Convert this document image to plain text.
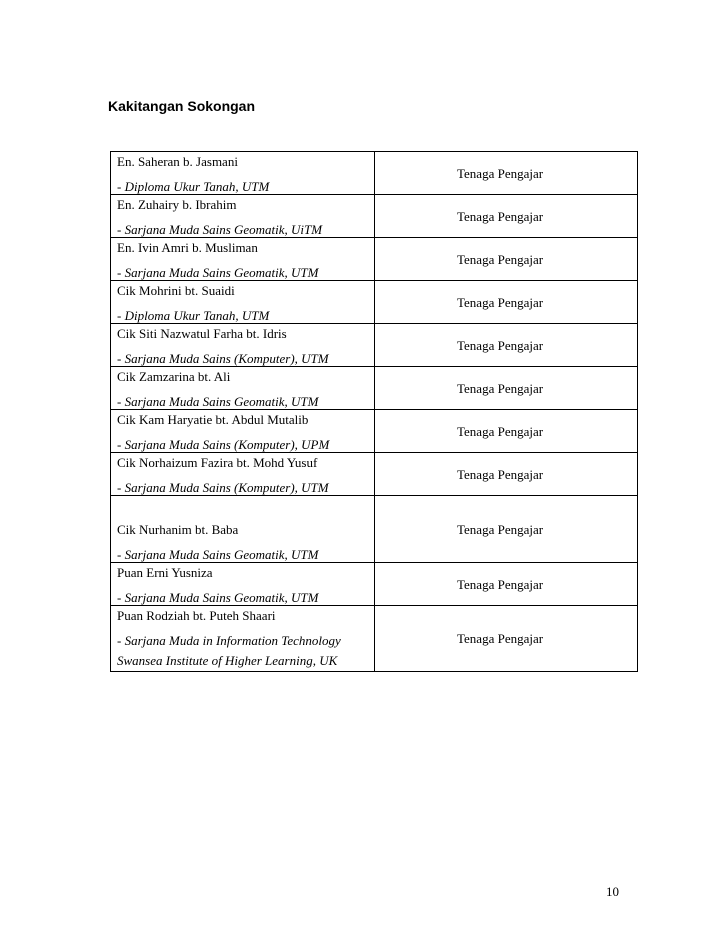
Kakitangan Sokongan
En. Saheran b. Jasmani
- Diploma Ukur Tanah, UTM	Tenaga Pengajar

En. Zuhairy b. Ibrahim
- Sarjana Muda Sains Geomatik, UiTM	Tenaga Pengajar

En. Ivin Amri b. Musliman
- Sarjana Muda Sains Geomatik, UTM	Tenaga Pengajar

Cik Mohrini bt. Suaidi
- Diploma Ukur Tanah, UTM	Tenaga Pengajar

Cik Siti Nazwatul Farha bt. Idris
- Sarjana Muda Sains (Komputer), UTM	Tenaga Pengajar

Cik Zamzarina bt. Ali
- Sarjana Muda Sains Geomatik, UTM	Tenaga Pengajar

Cik Kam Haryatie bt. Abdul Mutalib
- Sarjana Muda Sains (Komputer), UPM	Tenaga Pengajar

Cik Norhaizum Fazira bt. Mohd Yusuf
- Sarjana Muda Sains (Komputer), UTM	Tenaga Pengajar

Cik Nurhanim bt. Baba
- Sarjana Muda Sains Geomatik, UTM	Tenaga Pengajar

Puan Erni Yusniza
- Sarjana Muda Sains Geomatik, UTM	Tenaga Pengajar

Puan Rodziah bt. Puteh Shaari
- Sarjana Muda in Information Technology
Swansea Institute of Higher Learning, UK	Tenaga Pengajar
10
